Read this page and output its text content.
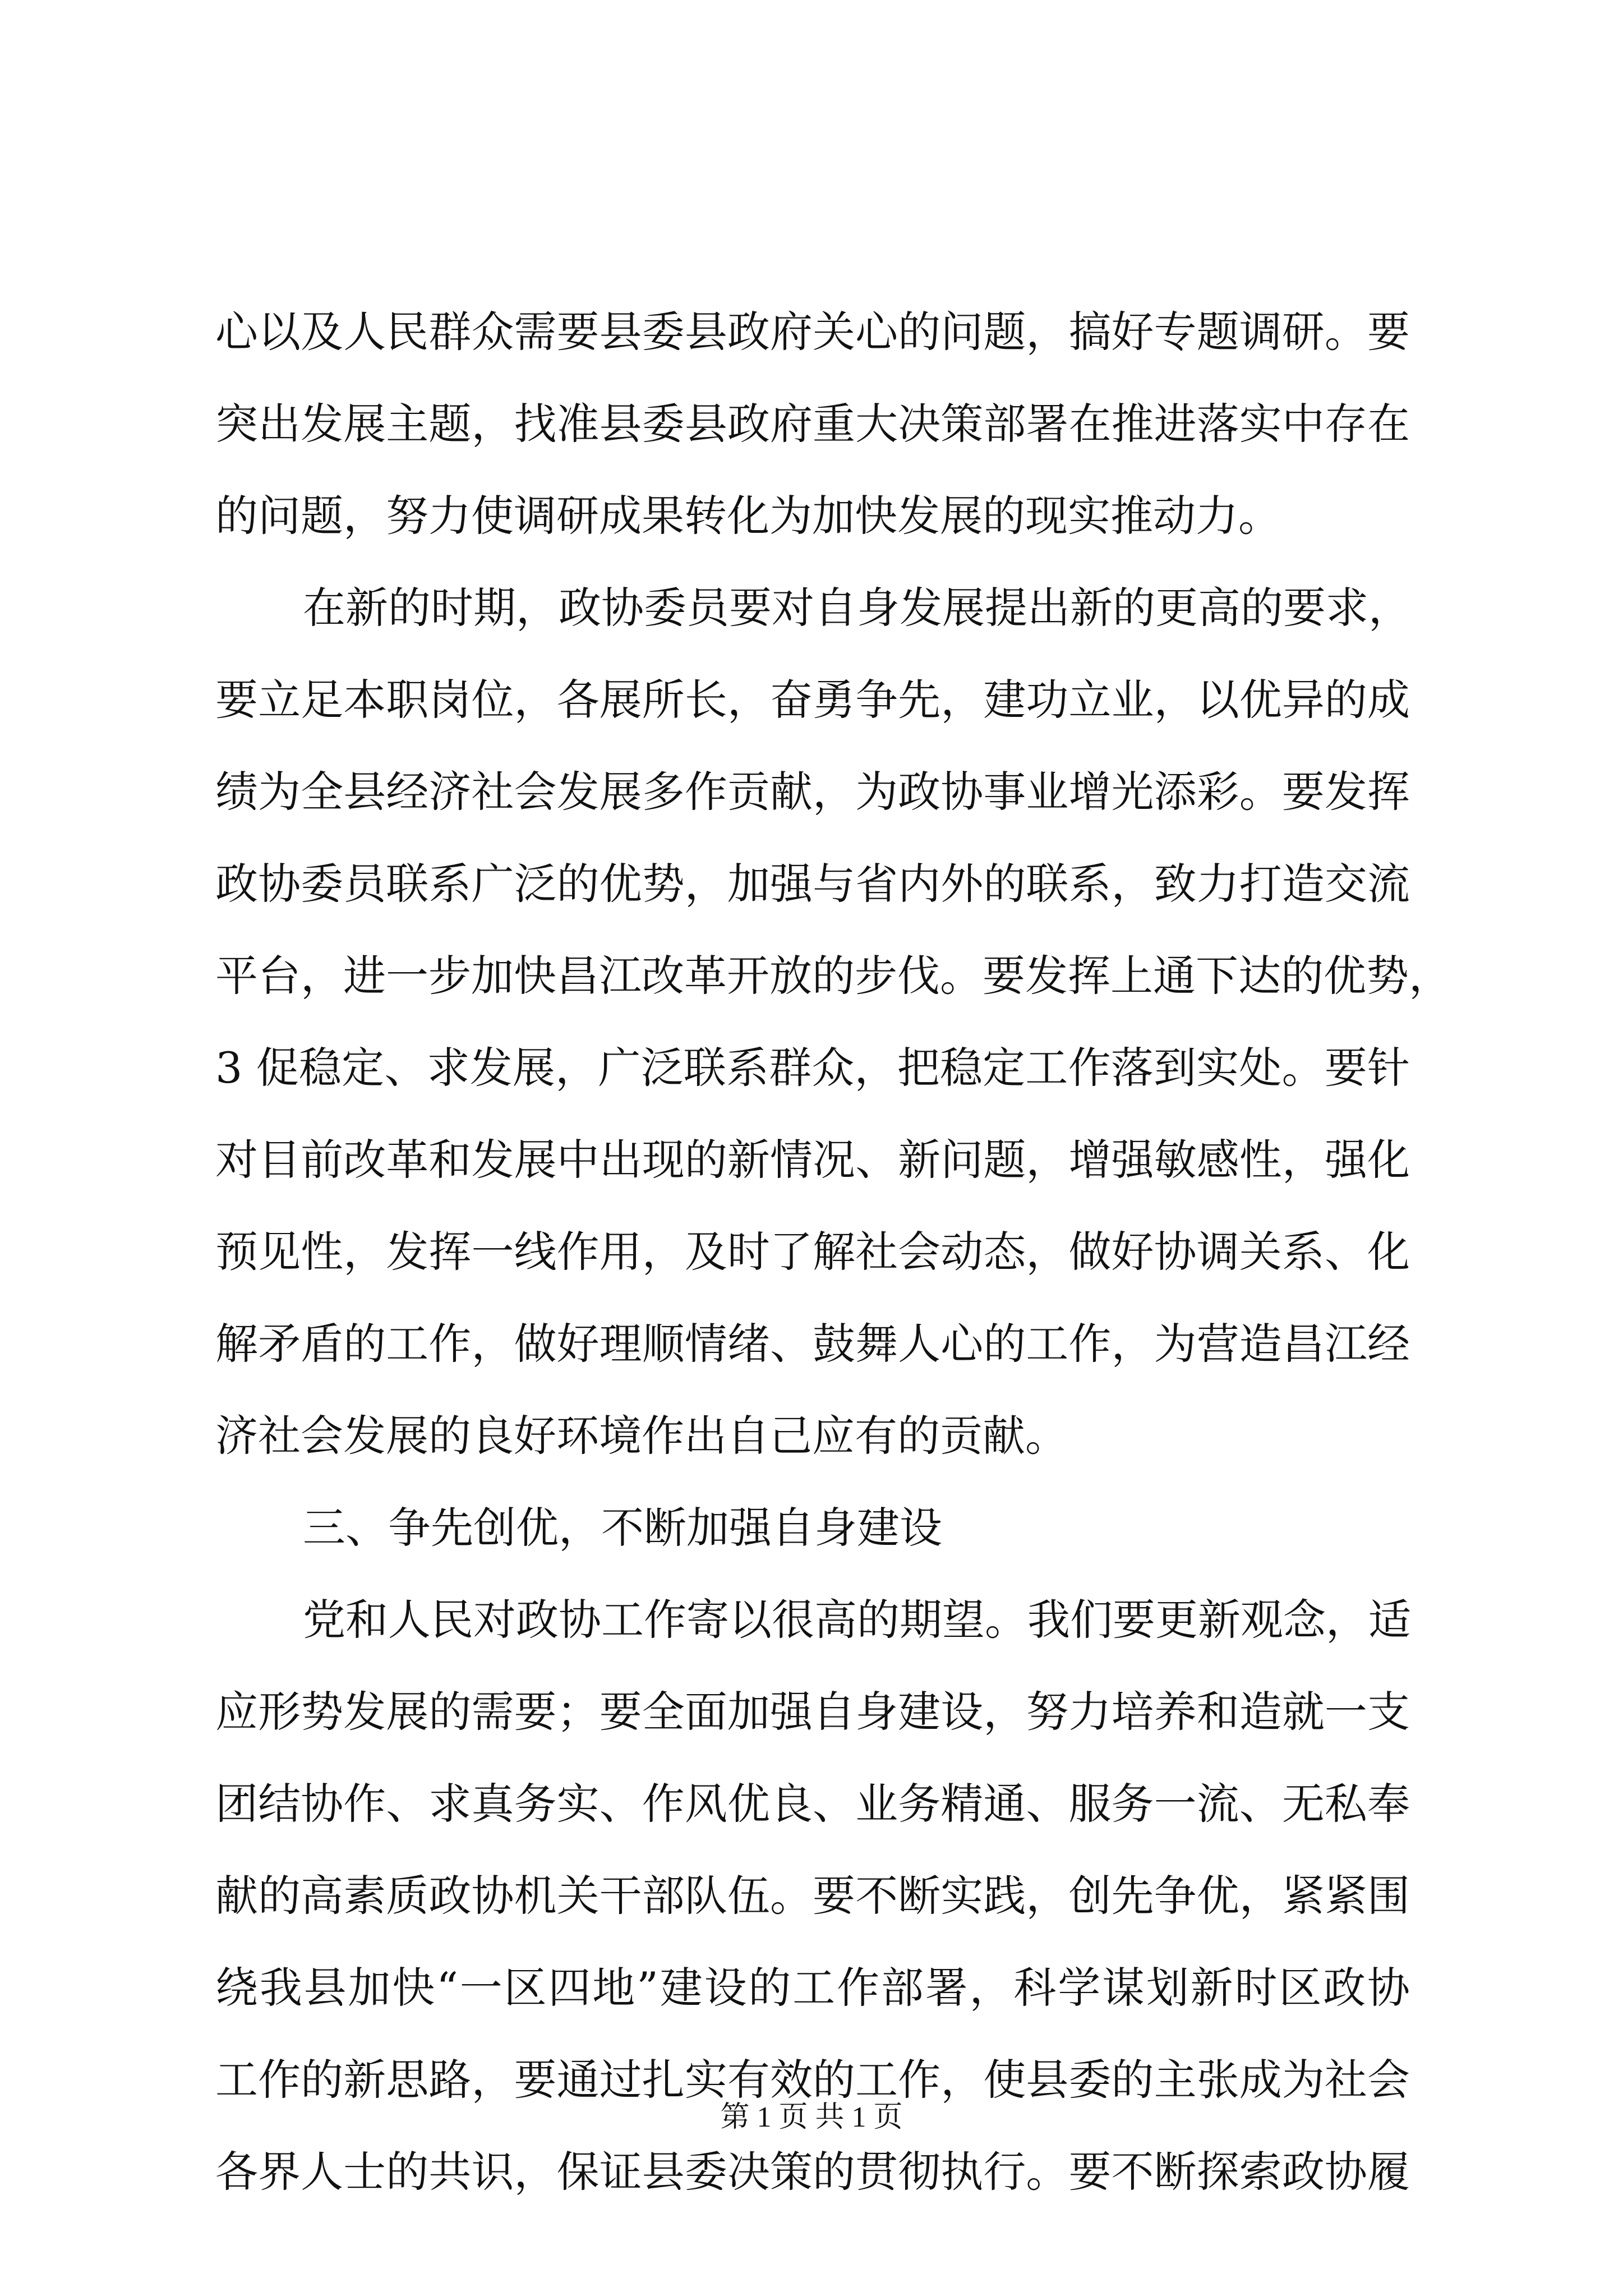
心以及人民群众需要县委县政府关心的问题，搞好专题调研。要
突出发展主题，找准县委县政府重大决策部署在推进落实中存在
的问题，努力使调研成果转化为加快发展的现实推动力。
在新的时期，政协委员要对自身发展提出新的更高的要求，
要立足本职岗位，各展所长，奋勇争先，建功立业，以优异的成
绩为全县经济社会发展多作贡献，为政协事业增光添彩。要发挥
政协委员联系广泛的优势，加强与省内外的联系，致力打造交流
平台，进一步加快昌江改革开放的步伐。要发挥上通下达的优势，
3 促稳定、求发展，广泛联系群众，把稳定工作落到实处。要针
对目前改革和发展中出现的新情况、新问题，增强敏感性，强化
预见性，发挥一线作用，及时了解社会动态，做好协调关系、化
解矛盾的工作，做好理顺情绪、鼓舞人心的工作，为营造昌江经
济社会发展的良好环境作出自己应有的贡献。
三、争先创优，不断加强自身建设
党和人民对政协工作寄以很高的期望。我们要更新观念，适
应形势发展的需要；要全面加强自身建设，努力培养和造就一支
团结协作、求真务实、作风优良、业务精通、服务一流、无私奉
献的高素质政协机关干部队伍。要不断实践，创先争优，紧紧围
绕我县加快“一区四地”建设的工作部署，科学谋划新时区政协
工作的新思路，要通过扎实有效的工作，使县委的主张成为社会
各界人士的共识，保证县委决策的贯彻执行。要不断探索政协履
第 1 页 共 1 页
